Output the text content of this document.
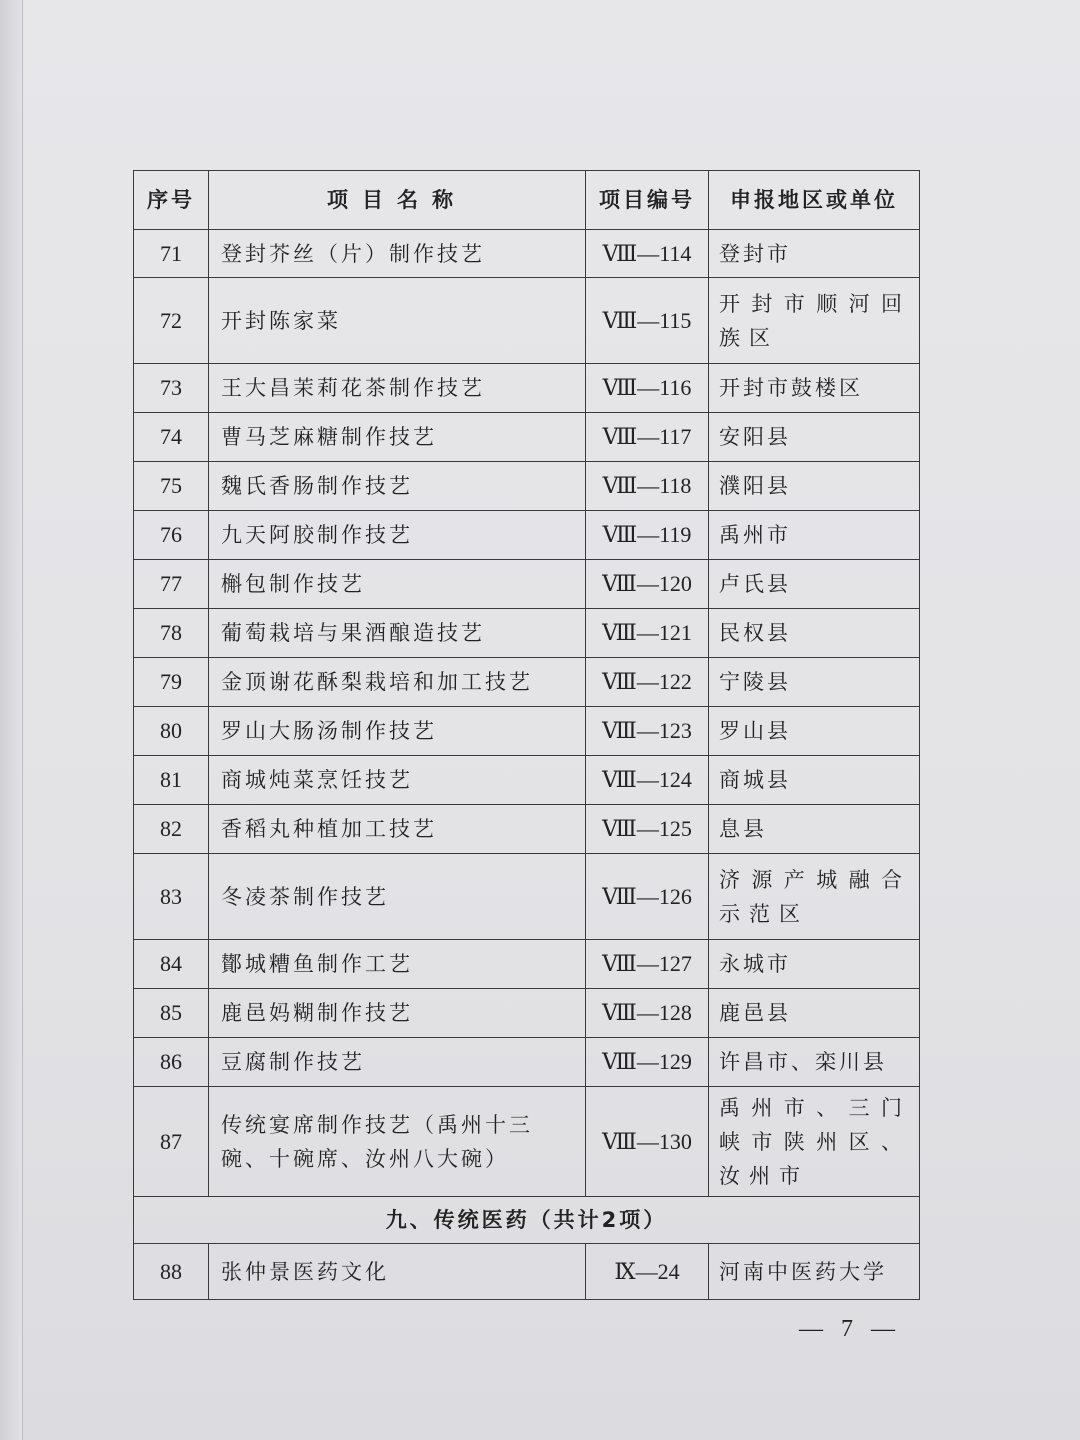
序号	项目名称	项目编号	申报地区或单位
71	登封芥丝（片）制作技艺	Ⅷ—114	登封市
72	开封陈家菜	Ⅷ—115	开封市顺河回族区
73	王大昌茉莉花茶制作技艺	Ⅷ—116	开封市鼓楼区
74	曹马芝麻糖制作技艺	Ⅷ—117	安阳县
75	魏氏香肠制作技艺	Ⅷ—118	濮阳县
76	九天阿胶制作技艺	Ⅷ—119	禹州市
77	槲包制作技艺	Ⅷ—120	卢氏县
78	葡萄栽培与果酒酿造技艺	Ⅷ—121	民权县
79	金顶谢花酥梨栽培和加工技艺	Ⅷ—122	宁陵县
80	罗山大肠汤制作技艺	Ⅷ—123	罗山县
81	商城炖菜烹饪技艺	Ⅷ—124	商城县
82	香稻丸种植加工技艺	Ⅷ—125	息县
83	冬凌茶制作技艺	Ⅷ—126	济源产城融合示范区
84	鄼城糟鱼制作工艺	Ⅷ—127	永城市
85	鹿邑妈糊制作技艺	Ⅷ—128	鹿邑县
86	豆腐制作技艺	Ⅷ—129	许昌市、栾川县
87	传统宴席制作技艺（禹州十三碗、十碗席、汝州八大碗）	Ⅷ—130	禹州市、三门峡市陕州区、汝州市
九、传统医药（共计2项）			
88	张仲景医药文化	Ⅸ—24	河南中医药大学
— 7 —
